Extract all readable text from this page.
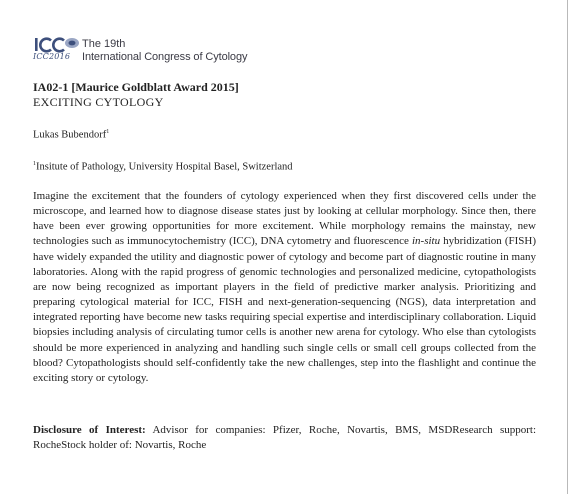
ICC2016
The 19th
International Congress of Cytology
IA02-1 [Maurice Goldblatt Award 2015]
EXCITING CYTOLOGY
Lukas Bubendorf$^1$
$^1$Insitute of Pathology, University Hospital Basel, Switzerland

Imagine the excitement that the founders of cytology experienced when they first discovered cells under the microscope, and learned how to diagnose disease states just by looking at cellular morphology. Since then, there have been ever growing opportunities for more excitement. While morphology remains the mainstay, new technologies such as immunocytochemistry (ICC), DNA cytometry and fluorescence in-situ hybridization (FISH) have widely expanded the utility and diagnostic power of cytology and become part of diagnostic routine in many laboratories. Along with the rapid progress of genomic technologies and personalized medicine, cytopathologists are now being recognized as important players in the field of predictive marker analysis. Prioritizing and preparing cytological material for ICC, FISH and next-generation-sequencing (NGS), data interpretation and integrated reporting have become new tasks requiring special expertise and interdisciplinary collaboration. Liquid biopsies including analysis of circulating tumor cells is another new arena for cytology. Who else than cytologists should be more experienced in analyzing and handling such single cells or small cell groups collected from the blood? Cytopathologists should self-confidently take the new challenges, step into the flashlight and continue the exciting story or cytology.

Disclosure of Interest: Advisor for companies: Pfizer, Roche, Novartis, BMS, MSDResearch support: RocheStock holder of: Novartis, Roche
